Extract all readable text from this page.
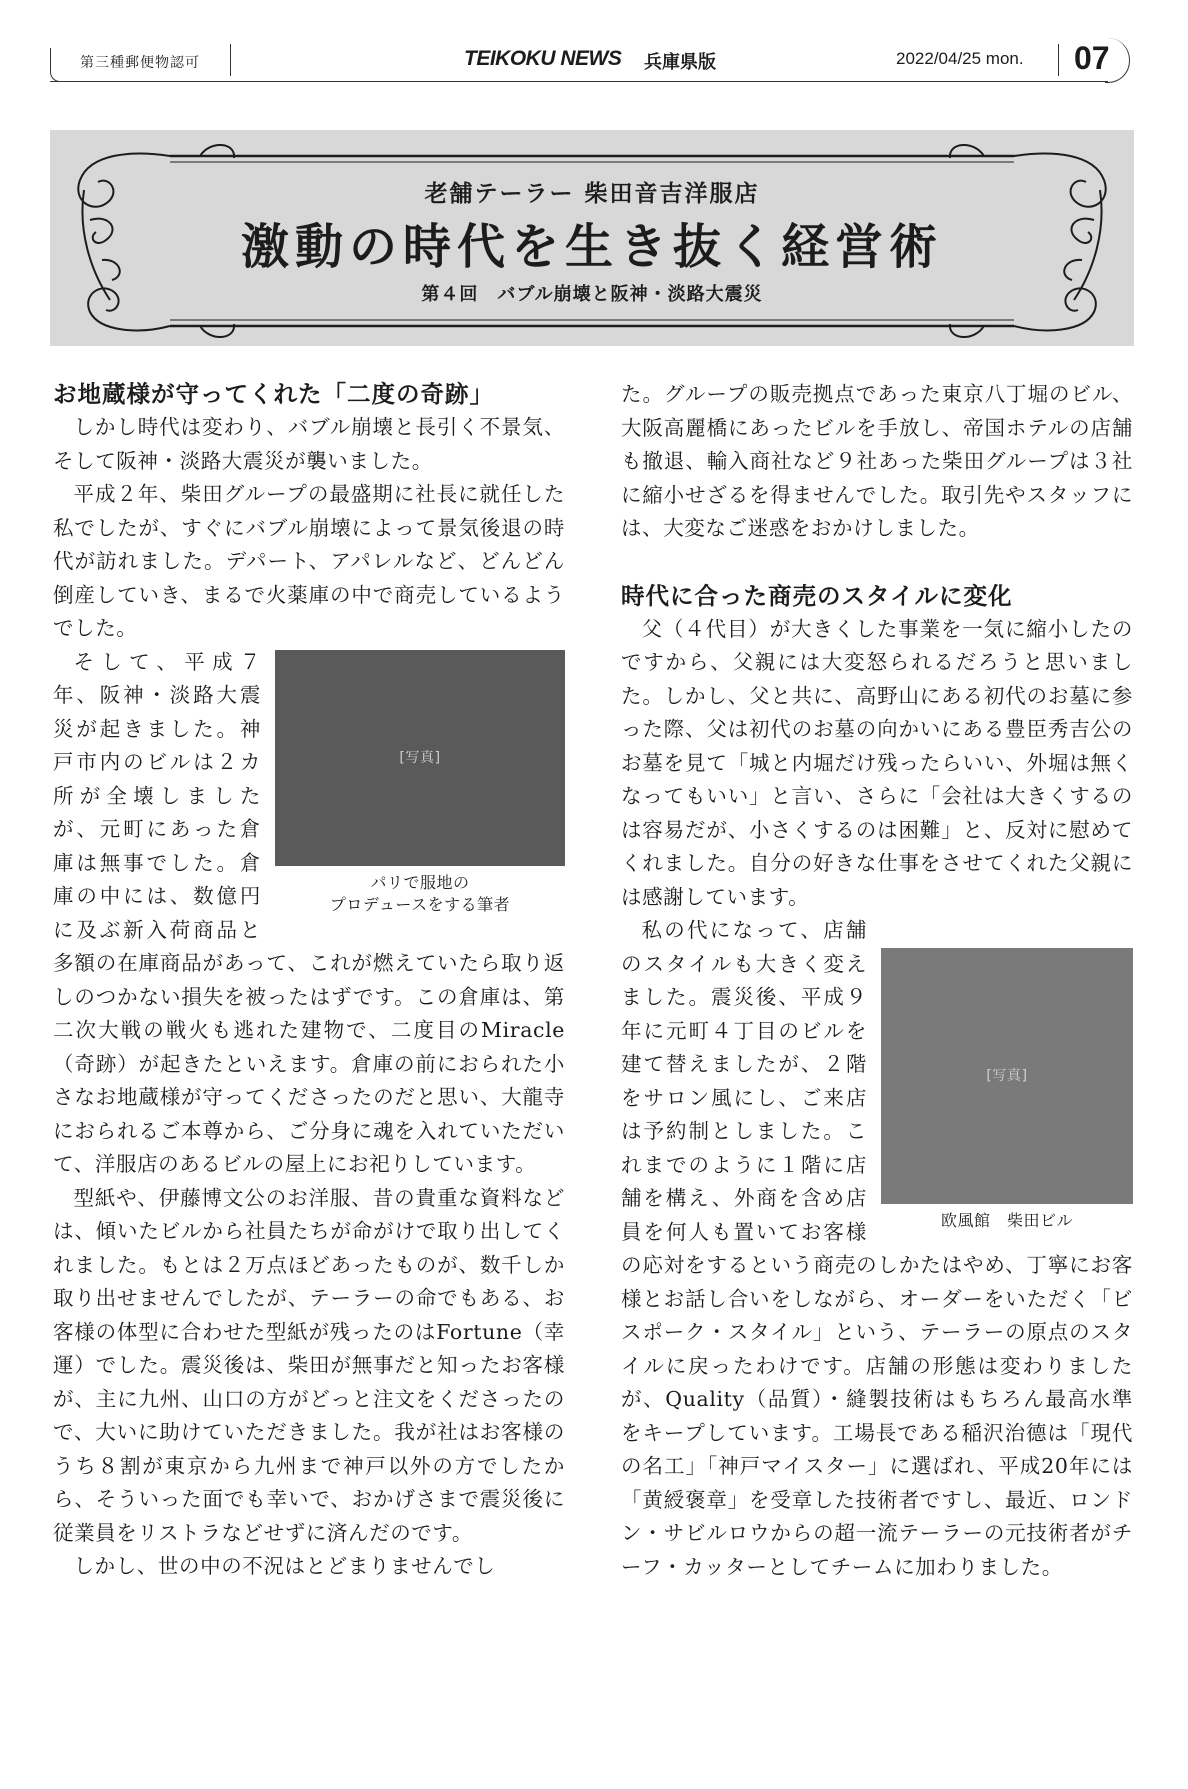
第三種郵便物認可	TEIKOKU NEWS 兵庫県版	2022/04/25 mon. 07
老舗テーラー 柴田音吉洋服店
激動の時代を生き抜く経営術
第４回　バブル崩壊と阪神・淡路大震災
お地蔵様が守ってくれた「二度の奇跡」

しかし時代は変わり、バブル崩壊と長引く不景気、そして阪神・淡路大震災が襲いました。

平成２年、柴田グループの最盛期に社長に就任した私でしたが、すぐにバブル崩壊によって景気後退の時代が訪れました。デパート、アパレルなど、どんどん倒産していき、まるで火薬庫の中で商売しているようでした。

[写真]
パリで服地の
プロデュースをする筆者

そして、平成７年、阪神・淡路大震災が起きました。神戸市内のビルは２カ所が全壊しましたが、元町にあった倉庫は無事でした。倉庫の中には、数億円に及ぶ新入荷商品と多額の在庫商品があって、これが燃えていたら取り返しのつかない損失を被ったはずです。この倉庫は、第二次大戦の戦火も逃れた建物で、二度目のMiracle（奇跡）が起きたといえます。倉庫の前におられた小さなお地蔵様が守ってくださったのだと思い、大龍寺におられるご本尊から、ご分身に魂を入れていただいて、洋服店のあるビルの屋上にお祀りしています。

型紙や、伊藤博文公のお洋服、昔の貴重な資料などは、傾いたビルから社員たちが命がけで取り出してくれました。もとは２万点ほどあったものが、数千しか取り出せませんでしたが、テーラーの命でもある、お客様の体型に合わせた型紙が残ったのはFortune（幸運）でした。震災後は、柴田が無事だと知ったお客様が、主に九州、山口の方がどっと注文をくださったので、大いに助けていただきました。我が社はお客様のうち８割が東京から九州まで神戸以外の方でしたから、そういった面でも幸いで、おかげさまで震災後に従業員をリストラなどせずに済んだのです。

しかし、世の中の不況はとどまりませんでし

た。グループの販売拠点であった東京八丁堀のビル、大阪高麗橋にあったビルを手放し、帝国ホテルの店舗も撤退、輸入商社など９社あった柴田グループは３社に縮小せざるを得ませんでした。取引先やスタッフには、大変なご迷惑をおかけしました。

時代に合った商売のスタイルに変化

父（４代目）が大きくした事業を一気に縮小したのですから、父親には大変怒られるだろうと思いました。しかし、父と共に、高野山にある初代のお墓に参った際、父は初代のお墓の向かいにある豊臣秀吉公のお墓を見て「城と内堀だけ残ったらいい、外堀は無くなってもいい」と言い、さらに「会社は大きくするのは容易だが、小さくするのは困難」と、反対に慰めてくれました。自分の好きな仕事をさせてくれた父親には感謝しています。

[写真]
欧風館　柴田ビル

私の代になって、店舗のスタイルも大きく変えました。震災後、平成９年に元町４丁目のビルを建て替えましたが、２階をサロン風にし、ご来店は予約制としました。これまでのように１階に店舗を構え、外商を含め店員を何人も置いてお客様の応対をするという商売のしかたはやめ、丁寧にお客様とお話し合いをしながら、オーダーをいただく「ビスポーク・スタイル」という、テーラーの原点のスタイルに戻ったわけです。店舗の形態は変わりましたが、Quality（品質）・縫製技術はもちろん最高水準をキープしています。工場長である稲沢治德は「現代の名工」「神戸マイスター」に選ばれ、平成20年には「黄綬褒章」を受章した技術者ですし、最近、ロンドン・サビルロウからの超一流テーラーの元技術者がチーフ・カッターとしてチームに加わりました。
